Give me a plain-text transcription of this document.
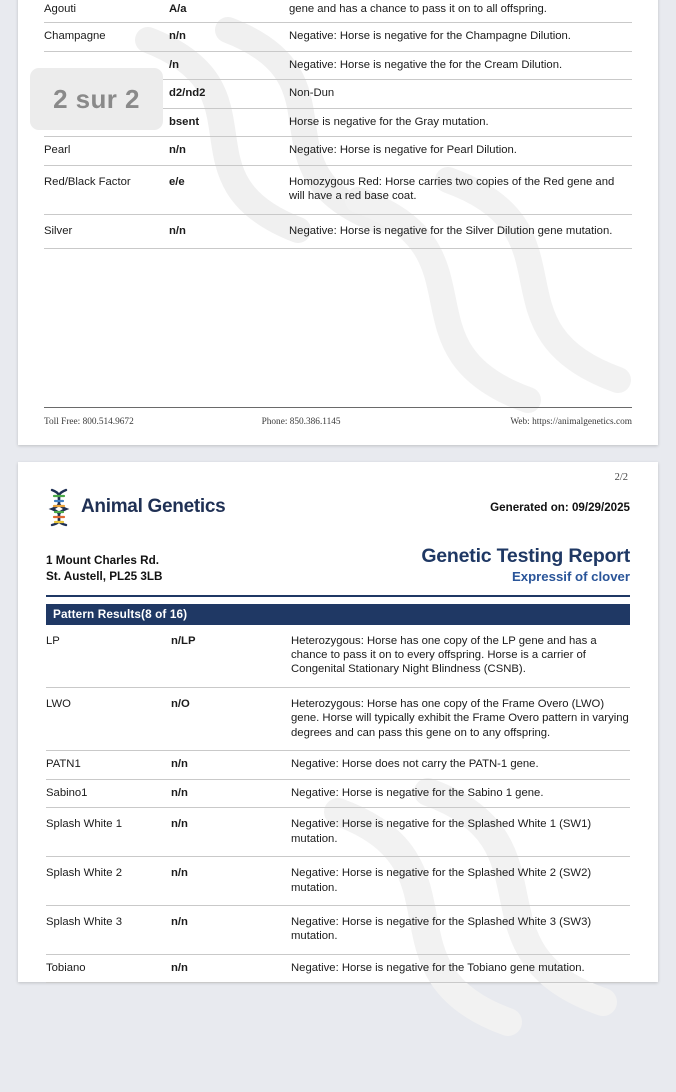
Agouti	A/a	gene and has a chance to pass it on to all offspring.
Champagne	n/n	Negative: Horse is negative for the Champagne Dilution.
	/n	Negative: Horse is negative the for the Cream Dilution.
	d2/nd2	Non-Dun
	bsent	Horse is negative for the Gray mutation.
Pearl	n/n	Negative: Horse is negative for Pearl Dilution.
Red/Black Factor	e/e	Homozygous Red: Horse carries two copies of the Red gene and will have a red base coat.
Silver	n/n	Negative: Horse is negative for the Silver Dilution gene mutation.
Toll Free: 800.514.9672	Phone: 850.386.1145	Web: https://animalgenetics.com
2/2
Animal Genetics	Generated on: 09/29/2025
1 Mount Charles Rd.
St. Austell, PL25 3LB
Genetic Testing Report
Expressif of clover
Pattern Results(8 of 16)
LP	n/LP	Heterozygous: Horse has one copy of the LP gene and has a chance to pass it on to every offspring. Horse is a carrier of Congenital Stationary Night Blindness (CSNB).
LWO	n/O	Heterozygous: Horse has one copy of the Frame Overo (LWO) gene. Horse will typically exhibit the Frame Overo pattern in varying degrees and can pass this gene on to any offspring.
PATN1	n/n	Negative: Horse does not carry the PATN-1 gene.
Sabino1	n/n	Negative: Horse is negative for the Sabino 1 gene.
Splash White 1	n/n	Negative: Horse is negative for the Splashed White 1 (SW1) mutation.
Splash White 2	n/n	Negative: Horse is negative for the Splashed White 2 (SW2) mutation.
Splash White 3	n/n	Negative: Horse is negative for the Splashed White 3 (SW3) mutation.
Tobiano	n/n	Negative: Horse is negative for the Tobiano gene mutation.
2 sur 2
